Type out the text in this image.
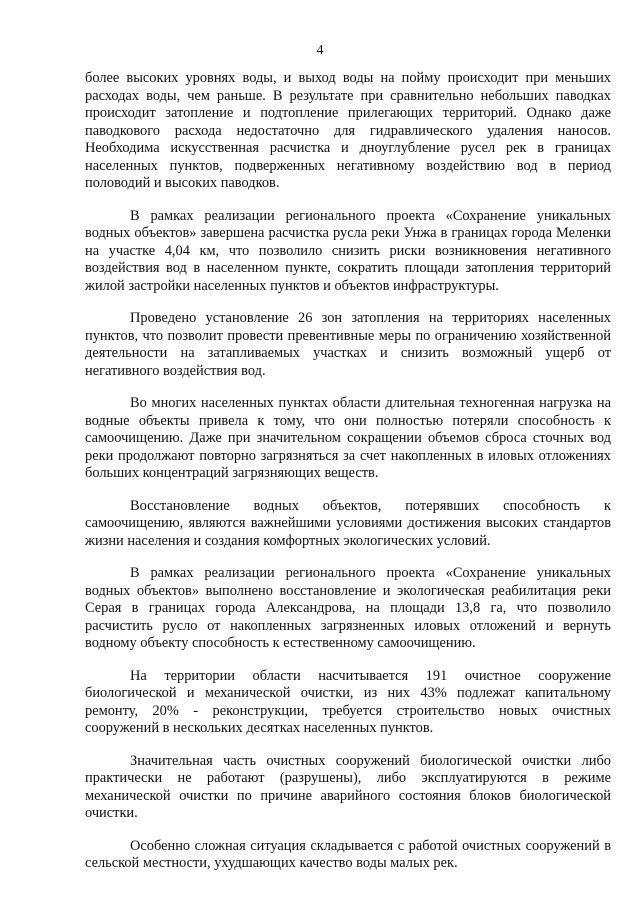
4

более высоких уровнях воды, и выход воды на пойму происходит при меньших расходах воды, чем раньше. В результате при сравнительно небольших паводках происходит затопление и подтопление прилегающих территорий. Однако даже паводкового расхода недостаточно для гидравлического удаления наносов. Необходима искусственная расчистка и дноуглубление русел рек в границах населенных пунктов, подверженных негативному воздействию вод в период половодий и высоких паводков.

В рамках реализации регионального проекта «Сохранение уникальных водных объектов» завершена расчистка русла реки Унжа в границах города Меленки на участке 4,04 км, что позволило снизить риски возникновения негативного воздействия вод в населенном пункте, сократить площади затопления территорий жилой застройки населенных пунктов и объектов инфраструктуры.

Проведено установление 26 зон затопления на территориях населенных пунктов, что позволит провести превентивные меры по ограничению хозяйственной деятельности на затапливаемых участках и снизить возможный ущерб от негативного воздействия вод.

Во многих населенных пунктах области длительная техногенная нагрузка на водные объекты привела к тому, что они полностью потеряли способность к самоочищению. Даже при значительном сокращении объемов сброса сточных вод реки продолжают повторно загрязняться за счет накопленных в иловых отложениях больших концентраций загрязняющих веществ.

Восстановление водных объектов, потерявших способность к самоочищению, являются важнейшими условиями достижения высоких стандартов жизни населения и создания комфортных экологических условий.

В рамках реализации регионального проекта «Сохранение уникальных водных объектов» выполнено восстановление и экологическая реабилитация реки Серая в границах города Александрова, на площади 13,8 га, что позволило расчистить русло от накопленных загрязненных иловых отложений и вернуть водному объекту способность к естественному самоочищению.

На территории области насчитывается 191 очистное сооружение биологической и механической очистки, из них 43% подлежат капитальному ремонту, 20% - реконструкции, требуется строительство новых очистных сооружений в нескольких десятках населенных пунктов.

Значительная часть очистных сооружений биологической очистки либо практически не работают (разрушены), либо эксплуатируются в режиме механической очистки по причине аварийного состояния блоков биологической очистки.

Особенно сложная ситуация складывается с работой очистных сооружений в сельской местности, ухудшающих качество воды малых рек.
